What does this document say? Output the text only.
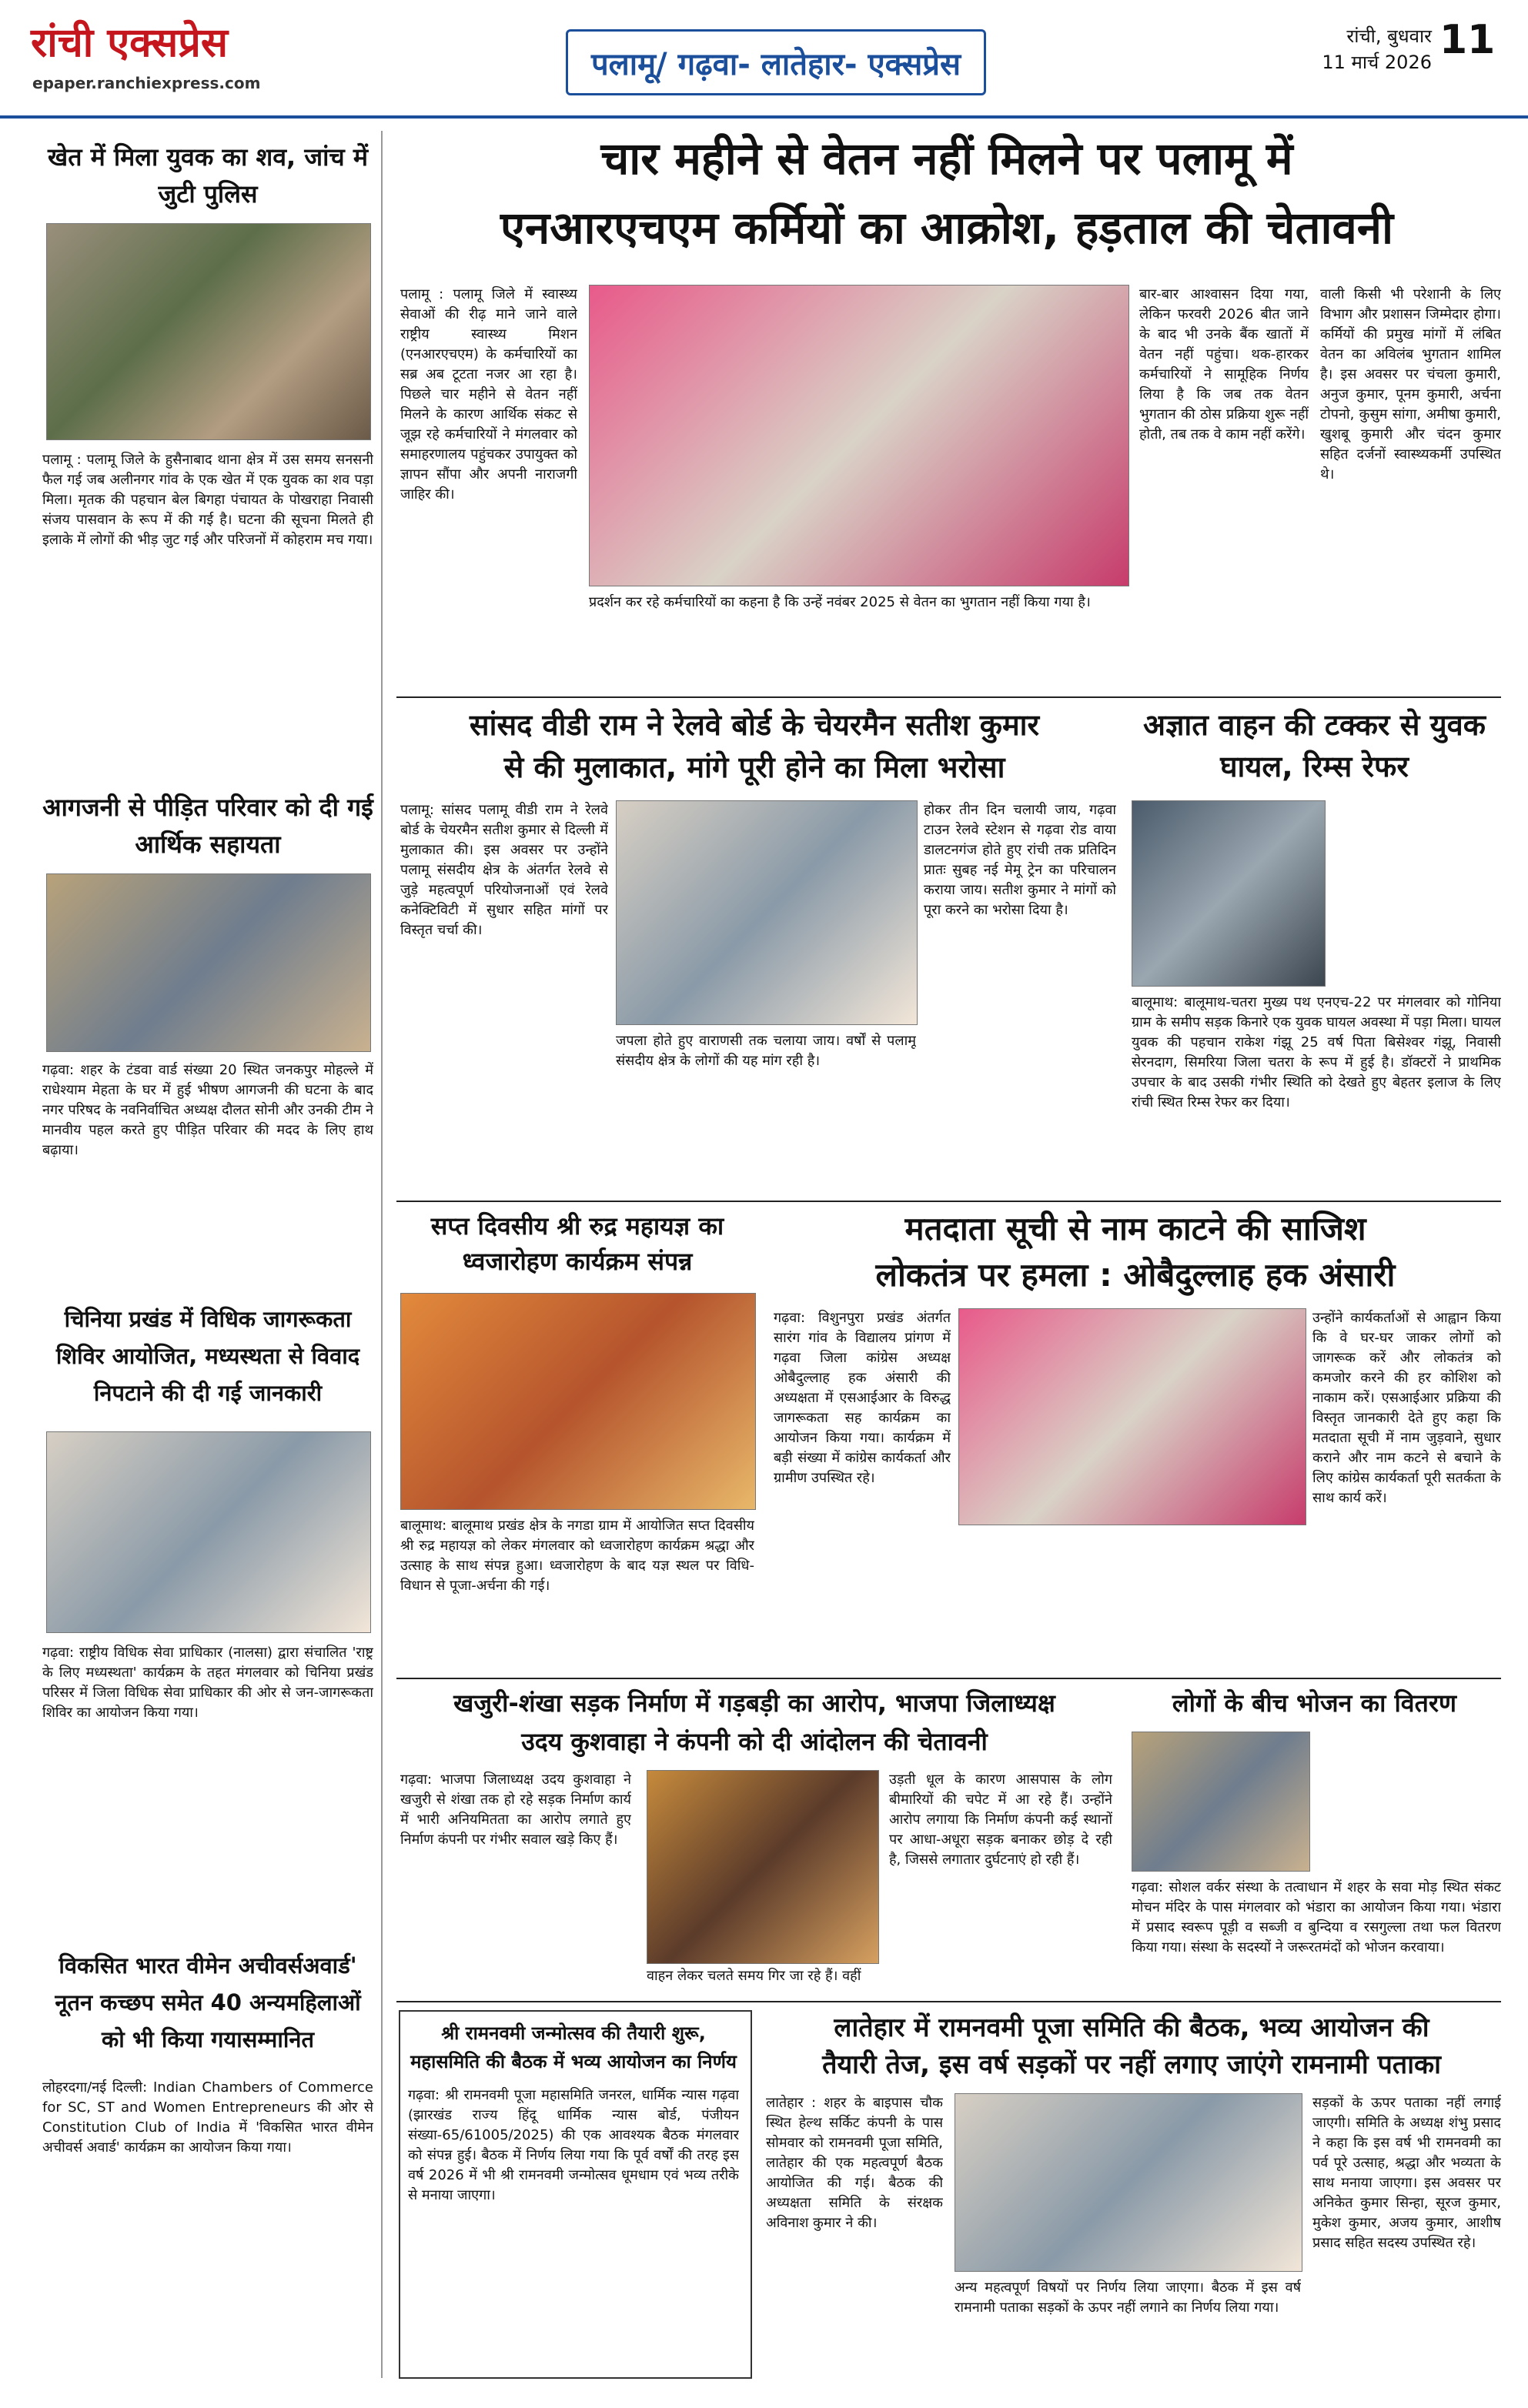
रांची एक्सप्रेस
epaper.ranchiexpress.com
पलामू/ गढ़वा- लातेहार- एक्सप्रेस
रांची, बुधवार
11 मार्च 2026 11
खेत में मिला युवक का शव, जांच में जुटी पुलिस
पलामू : पलामू जिले के हुसैनाबाद थाना क्षेत्र में उस समय सनसनी फैल गई जब अलीनगर गांव के एक खेत में एक युवक का शव पड़ा मिला। मृतक की पहचान बेल बिगहा पंचायत के पोखराहा निवासी संजय पासवान के रूप में की गई है। घटना की सूचना मिलते ही इलाके में लोगों की भीड़ जुट गई और परिजनों में कोहराम मच गया।
आगजनी से पीड़ित परिवार को दी गई आर्थिक सहायता
गढ़वा: शहर के टंडवा वार्ड संख्या 20 स्थित जनकपुर मोहल्ले में राधेश्याम मेहता के घर में हुई भीषण आगजनी की घटना के बाद नगर परिषद के नवनिर्वाचित अध्यक्ष दौलत सोनी और उनकी टीम ने मानवीय पहल करते हुए पीड़ित परिवार की मदद के लिए हाथ बढ़ाया।
चिनिया प्रखंड में विधिक जागरूकता शिविर आयोजित, मध्यस्थता से विवाद निपटाने की दी गई जानकारी
गढ़वा: राष्ट्रीय विधिक सेवा प्राधिकार (नालसा) द्वारा संचालित 'राष्ट्र के लिए मध्यस्थता' कार्यक्रम के तहत मंगलवार को चिनिया प्रखंड परिसर में जिला विधिक सेवा प्राधिकार की ओर से जन-जागरूकता शिविर का आयोजन किया गया।
विकसित भारत वीमेन अचीवर्सअवार्ड' नूतन कच्छप समेत 40 अन्यमहिलाओं को भी किया गयासम्मानित
लोहरदगा/नई दिल्ली: Indian Chambers of Commerce for SC, ST and Women Entrepreneurs की ओर से Constitution Club of India में 'विकसित भारत वीमेन अचीवर्स अवार्ड' कार्यक्रम का आयोजन किया गया।
चार महीने से वेतन नहीं मिलने पर पलामू में
एनआरएचएम कर्मियों का आक्रोश, हड़ताल की चेतावनी
पलामू : पलामू जिले में स्वास्थ्य सेवाओं की रीढ़ माने जाने वाले राष्ट्रीय स्वास्थ्य मिशन (एनआरएचएम) के कर्मचारियों का सब्र अब टूटता नजर आ रहा है। पिछले चार महीने से वेतन नहीं मिलने के कारण आर्थिक संकट से जूझ रहे कर्मचारियों ने मंगलवार को समाहरणालय पहुंचकर उपायुक्त को ज्ञापन सौंपा और अपनी नाराजगी जाहिर की।
प्रदर्शन कर रहे कर्मचारियों का कहना है कि उन्हें नवंबर 2025 से वेतन का भुगतान नहीं किया गया है।
बार-बार आश्वासन दिया गया, लेकिन फरवरी 2026 बीत जाने के बाद भी उनके बैंक खातों में वेतन नहीं पहुंचा। थक-हारकर कर्मचारियों ने सामूहिक निर्णय लिया है कि जब तक वेतन भुगतान की ठोस प्रक्रिया शुरू नहीं होती, तब तक वे काम नहीं करेंगे।
वाली किसी भी परेशानी के लिए विभाग और प्रशासन जिम्मेदार होगा। कर्मियों की प्रमुख मांगों में लंबित वेतन का अविलंब भुगतान शामिल है। इस अवसर पर चंचला कुमारी, अनुज कुमार, पूनम कुमारी, अर्चना टोपनो, कुसुम सांगा, अमीषा कुमारी, खुशबू कुमारी और चंदन कुमार सहित दर्जनों स्वास्थ्यकर्मी उपस्थित थे।
सांसद वीडी राम ने रेलवे बोर्ड के चेयरमैन सतीश कुमार
से की मुलाकात, मांगे पूरी होने का मिला भरोसा
पलामू: सांसद पलामू वीडी राम ने रेलवे बोर्ड के चेयरमैन सतीश कुमार से दिल्ली में मुलाकात की। इस अवसर पर उन्होंने पलामू संसदीय क्षेत्र के अंतर्गत रेलवे से जुड़े महत्वपूर्ण परियोजनाओं एवं रेलवे कनेक्टिविटी में सुधार सहित मांगों पर विस्तृत चर्चा की।
जपला होते हुए वाराणसी तक चलाया जाय। वर्षों से पलामू संसदीय क्षेत्र के लोगों की यह मांग रही है।
होकर तीन दिन चलायी जाय, गढ़वा टाउन रेलवे स्टेशन से गढ़वा रोड वाया डालटनगंज होते हुए रांची तक प्रतिदिन प्रातः सुबह नई मेमू ट्रेन का परिचालन कराया जाय। सतीश कुमार ने मांगों को पूरा करने का भरोसा दिया है।
अज्ञात वाहन की टक्कर से युवक घायल, रिम्स रेफर
बालूमाथ: बालूमाथ-चतरा मुख्य पथ एनएच-22 पर मंगलवार को गोनिया ग्राम के समीप सड़क किनारे एक युवक घायल अवस्था में पड़ा मिला। घायल युवक की पहचान राकेश गंझू 25 वर्ष पिता बिसेश्वर गंझू, निवासी सेरनदाग, सिमरिया जिला चतरा के रूप में हुई है। डॉक्टरों ने प्राथमिक उपचार के बाद उसकी गंभीर स्थिति को देखते हुए बेहतर इलाज के लिए रांची स्थित रिम्स रेफर कर दिया।
सप्त दिवसीय श्री रुद्र महायज्ञ का ध्वजारोहण कार्यक्रम संपन्न
बालूमाथ: बालूमाथ प्रखंड क्षेत्र के नगडा ग्राम में आयोजित सप्त दिवसीय श्री रुद्र महायज्ञ को लेकर मंगलवार को ध्वजारोहण कार्यक्रम श्रद्धा और उत्साह के साथ संपन्न हुआ। ध्वजारोहण के बाद यज्ञ स्थल पर विधि-विधान से पूजा-अर्चना की गई।
मतदाता सूची से नाम काटने की साजिश
लोकतंत्र पर हमला : ओबैदुल्लाह हक अंसारी
गढ़वा: विशुनपुरा प्रखंड अंतर्गत सारंग गांव के विद्यालय प्रांगण में गढ़वा जिला कांग्रेस अध्यक्ष ओबैदुल्लाह हक अंसारी की अध्यक्षता में एसआईआर के विरुद्ध जागरूकता सह कार्यक्रम का आयोजन किया गया। कार्यक्रम में बड़ी संख्या में कांग्रेस कार्यकर्ता और ग्रामीण उपस्थित रहे।
उन्होंने कार्यकर्ताओं से आह्वान किया कि वे घर-घर जाकर लोगों को जागरूक करें और लोकतंत्र को कमजोर करने की हर कोशिश को नाकाम करें। एसआईआर प्रक्रिया की विस्तृत जानकारी देते हुए कहा कि मतदाता सूची में नाम जुड़वाने, सुधार कराने और नाम कटने से बचाने के लिए कांग्रेस कार्यकर्ता पूरी सतर्कता के साथ कार्य करें।
खजुरी-शंखा सड़क निर्माण में गड़बड़ी का आरोप, भाजपा जिलाध्यक्ष
उदय कुशवाहा ने कंपनी को दी आंदोलन की चेतावनी
गढ़वा: भाजपा जिलाध्यक्ष उदय कुशवाहा ने खजुरी से शंखा तक हो रहे सड़क निर्माण कार्य में भारी अनियमितता का आरोप लगाते हुए निर्माण कंपनी पर गंभीर सवाल खड़े किए हैं।
वाहन लेकर चलते समय गिर जा रहे हैं। वहीं
उड़ती धूल के कारण आसपास के लोग बीमारियों की चपेट में आ रहे हैं। उन्होंने आरोप लगाया कि निर्माण कंपनी कई स्थानों पर आधा-अधूरा सड़क बनाकर छोड़ दे रही है, जिससे लगातार दुर्घटनाएं हो रही हैं।
लोगों के बीच भोजन का वितरण
गढ़वा: सोशल वर्कर संस्था के तत्वाधान में शहर के सवा मोड़ स्थित संकट मोचन मंदिर के पास मंगलवार को भंडारा का आयोजन किया गया। भंडारा में प्रसाद स्वरूप पूड़ी व सब्जी व बुन्दिया व रसगुल्ला तथा फल वितरण किया गया। संस्था के सदस्यों ने जरूरतमंदों को भोजन करवाया।
श्री रामनवमी जन्मोत्सव की तैयारी शुरू,
महासमिति की बैठक में भव्य आयोजन का निर्णय
गढ़वा: श्री रामनवमी पूजा महासमिति जनरल, धार्मिक न्यास गढ़वा (झारखंड राज्य हिंदू धार्मिक न्यास बोर्ड, पंजीयन संख्या-65/61005/2025) की एक आवश्यक बैठक मंगलवार को संपन्न हुई। बैठक में निर्णय लिया गया कि पूर्व वर्षों की तरह इस वर्ष 2026 में भी श्री रामनवमी जन्मोत्सव धूमधाम एवं भव्य तरीके से मनाया जाएगा।
लातेहार में रामनवमी पूजा समिति की बैठक, भव्य आयोजन की
तैयारी तेज, इस वर्ष सड़कों पर नहीं लगाए जाएंगे रामनामी पताका
लातेहार : शहर के बाइपास चौक स्थित हेल्थ सर्किट कंपनी के पास सोमवार को रामनवमी पूजा समिति, लातेहार की एक महत्वपूर्ण बैठक आयोजित की गई। बैठक की अध्यक्षता समिति के संरक्षक अविनाश कुमार ने की।
अन्य महत्वपूर्ण विषयों पर निर्णय लिया जाएगा। बैठक में इस वर्ष रामनामी पताका सड़कों के ऊपर नहीं लगाने का निर्णय लिया गया।
सड़कों के ऊपर पताका नहीं लगाई जाएगी। समिति के अध्यक्ष शंभु प्रसाद ने कहा कि इस वर्ष भी रामनवमी का पर्व पूरे उत्साह, श्रद्धा और भव्यता के साथ मनाया जाएगा। इस अवसर पर अनिकेत कुमार सिन्हा, सूरज कुमार, मुकेश कुमार, अजय कुमार, आशीष प्रसाद सहित सदस्य उपस्थित रहे।
